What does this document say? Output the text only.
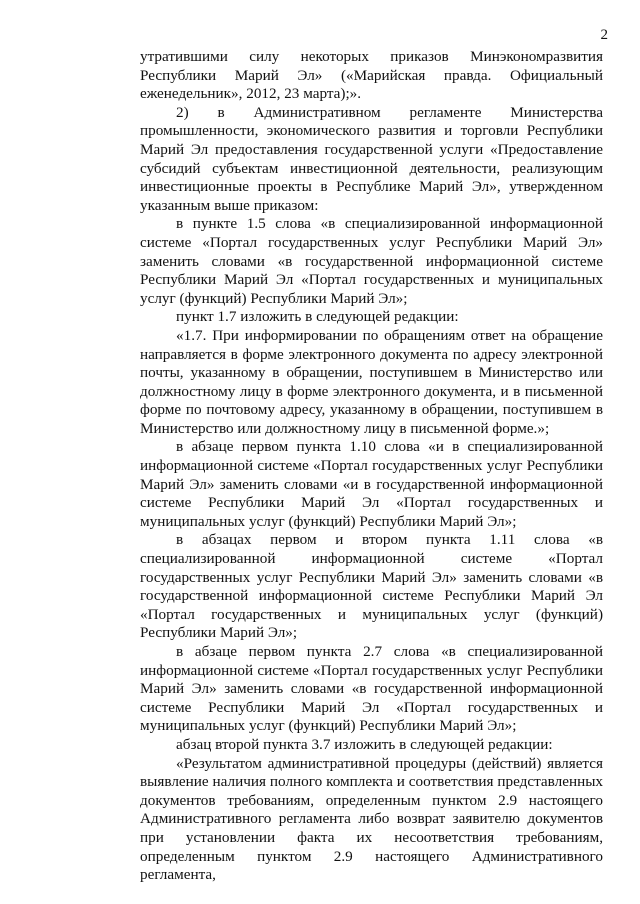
2

утратившими силу некоторых приказов Минэкономразвития Республики Марий Эл» («Марийская правда. Официальный еженедельник», 2012, 23 марта);».

2) в Административном регламенте Министерства промышленности, экономического развития и торговли Республики Марий Эл предоставления государственной услуги «Предоставление субсидий субъектам инвестиционной деятельности, реализующим инвестиционные проекты в Республике Марий Эл», утвержденном указанным выше приказом:

в пункте 1.5 слова «в специализированной информационной системе «Портал государственных услуг Республики Марий Эл» заменить словами «в государственной информационной системе Республики Марий Эл «Портал государственных и муниципальных услуг (функций) Республики Марий Эл»;

пункт 1.7 изложить в следующей редакции:

«1.7. При информировании по обращениям ответ на обращение направляется в форме электронного документа по адресу электронной почты, указанному в обращении, поступившем в Министерство или должностному лицу в форме электронного документа, и в письменной форме по почтовому адресу, указанному в обращении, поступившем в Министерство или должностному лицу в письменной форме.»;

в абзаце первом пункта 1.10 слова «и в специализированной информационной системе «Портал государственных услуг Республики Марий Эл» заменить словами «и в государственной информационной системе Республики Марий Эл «Портал государственных и муниципальных услуг (функций) Республики Марий Эл»;

в абзацах первом и втором пункта 1.11 слова «в специализированной информационной системе «Портал государственных услуг Республики Марий Эл» заменить словами «в государственной информационной системе Республики Марий Эл «Портал государственных и муниципальных услуг (функций) Республики Марий Эл»;

в абзаце первом пункта 2.7 слова «в специализированной информационной системе «Портал государственных услуг Республики Марий Эл» заменить словами «в государственной информационной системе Республики Марий Эл «Портал государственных и муниципальных услуг (функций) Республики Марий Эл»;

абзац второй пункта 3.7 изложить в следующей редакции:

«Результатом административной процедуры (действий) является выявление наличия полного комплекта и соответствия представленных документов требованиям, определенным пунктом 2.9 настоящего Административного регламента либо возврат заявителю документов при установлении факта их несоответствия требованиям, определенным пунктом 2.9 настоящего Административного регламента,
